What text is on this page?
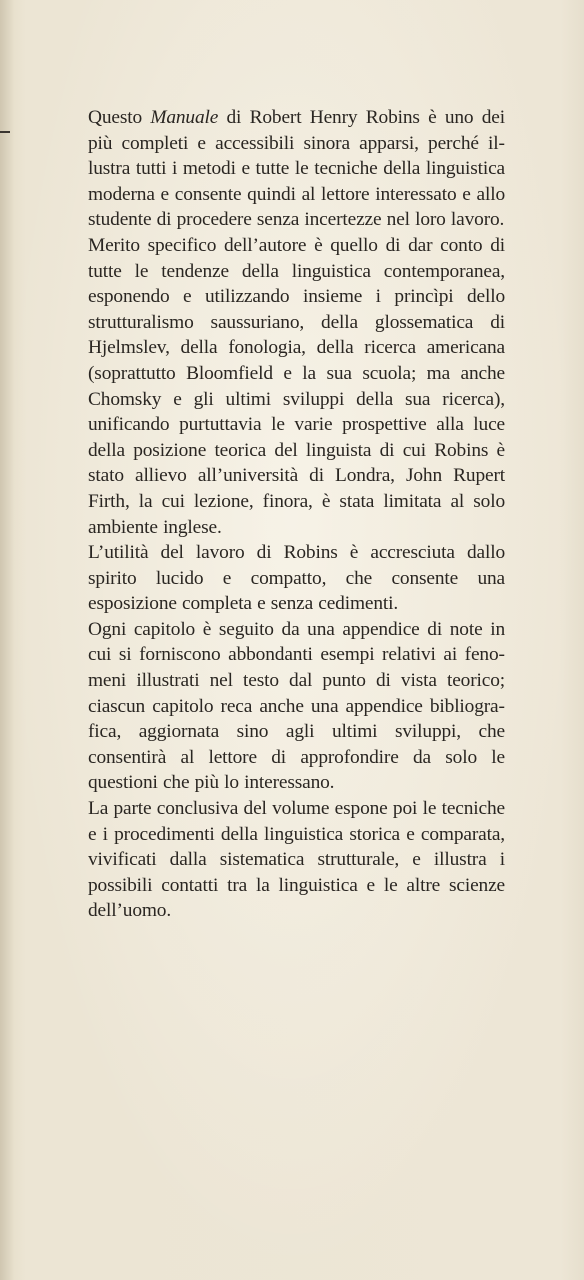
Questo Manuale di Robert Henry Robins è uno dei più completi e accessibili sinora apparsi, perché illustra tutti i metodi e tutte le tecniche della linguistica moderna e consente quindi al lettore interessato e allo studente di procedere senza incertezze nel loro lavoro.

Merito specifico dell’autore è quello di dar conto di tutte le tendenze della linguistica contemporanea, esponendo e utilizzando insieme i princìpi dello strutturalismo saussuriano, della glossematica di Hjelmslev, della fonologia, della ricerca americana (soprattutto Bloomfield e la sua scuola; ma anche Chomsky e gli ultimi sviluppi della sua ricerca), unificando purtuttavia le varie prospettive alla luce della posizione teorica del linguista di cui Robins è stato allievo all’università di Londra, John Rupert Firth, la cui lezione, finora, è stata limitata al solo ambiente inglese.

L’utilità del lavoro di Robins è accresciuta dallo spirito lucido e compatto, che consente una esposizione completa e senza cedimenti.

Ogni capitolo è seguito da una appendice di note in cui si forniscono abbondanti esempi relativi ai fenomeni illustrati nel testo dal punto di vista teorico; ciascun capitolo reca anche una appendice bibliografica, aggiornata sino agli ultimi sviluppi, che consentirà al lettore di approfondire da solo le questioni che più lo interessano.

La parte conclusiva del volume espone poi le tecniche e i procedimenti della linguistica storica e comparata, vivificati dalla sistematica strutturale, e illustra i possibili contatti tra la linguistica e le altre scienze dell’uomo.
